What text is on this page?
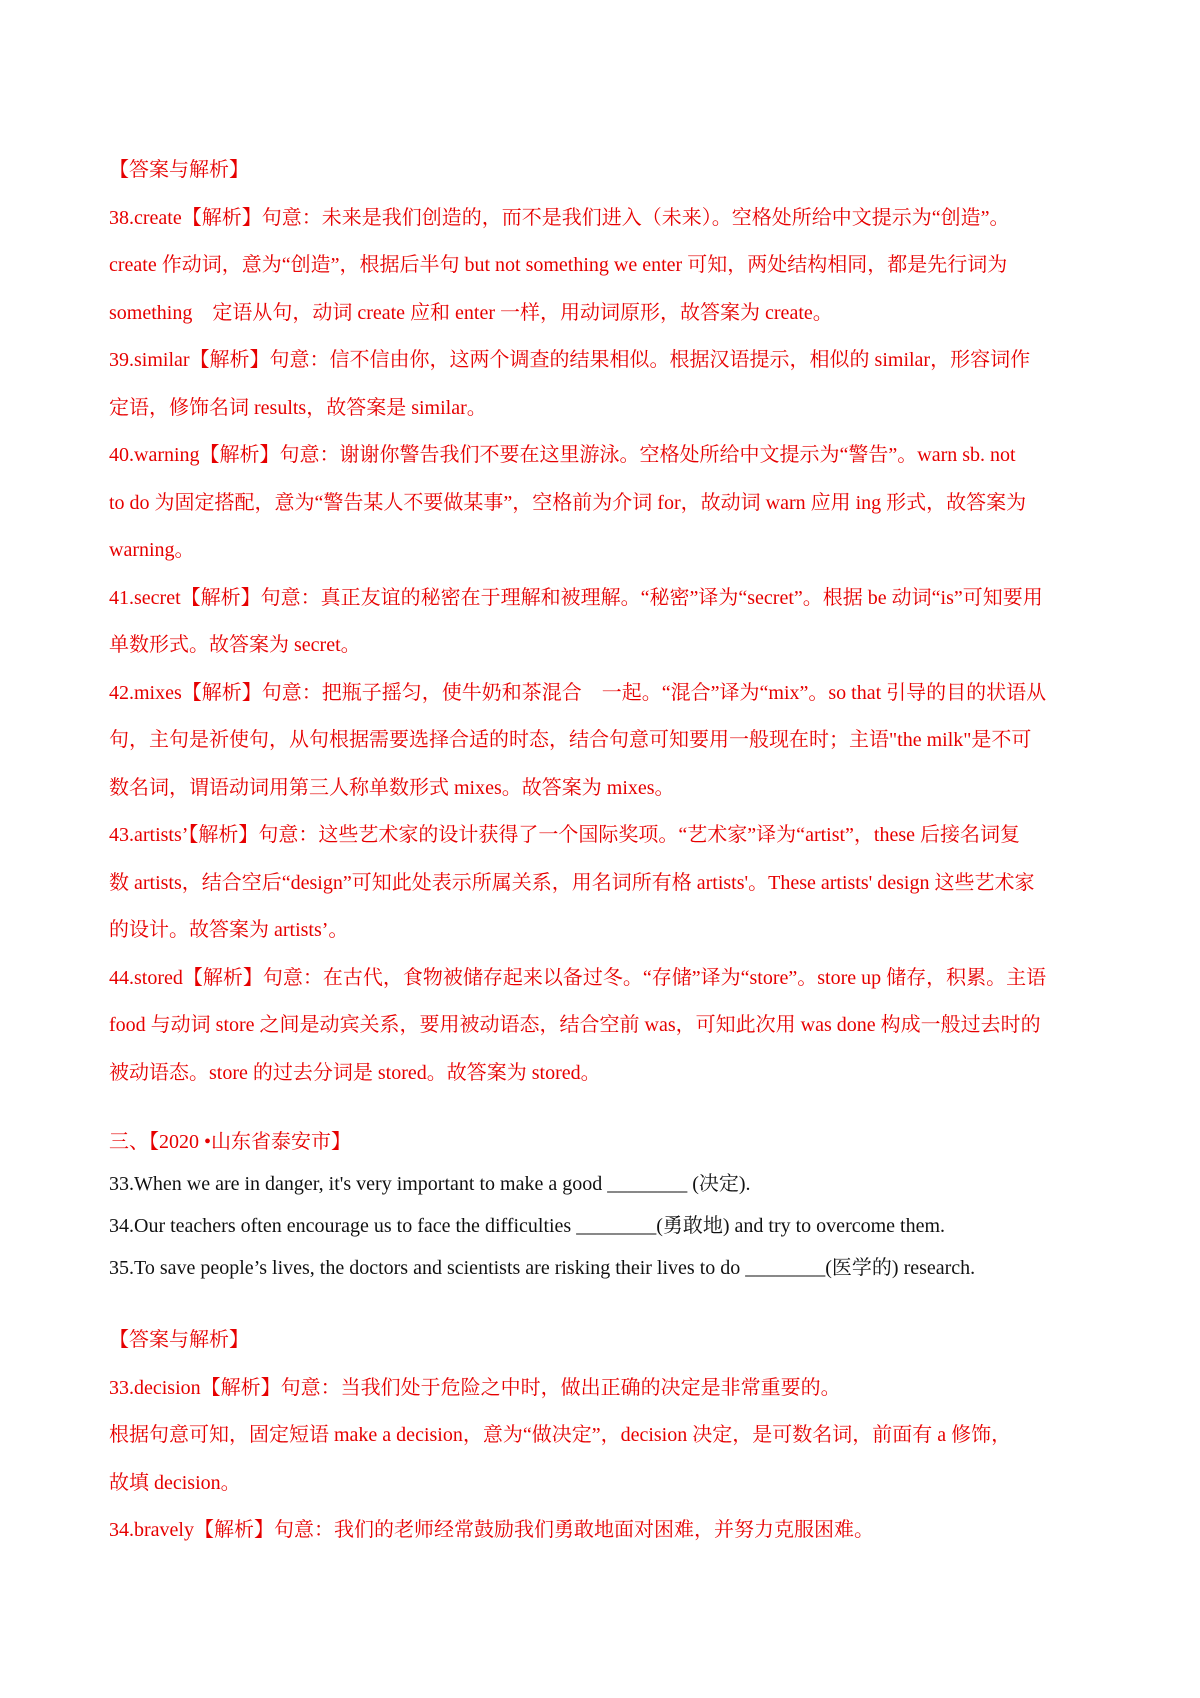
【答案与解析】

38.create【解析】句意：未来是我们创造的，而不是我们进入（未来）。空格处所给中文提示为“创造”。

create 作动词，意为“创造”，根据后半句 but not something we enter 可知，两处结构相同，都是先行词为

something　定语从句，动词 create 应和 enter 一样，用动词原形，故答案为 create。

39.similar【解析】句意：信不信由你，这两个调查的结果相似。根据汉语提示，相似的 similar，形容词作

定语，修饰名词 results，故答案是 similar。

40.warning【解析】句意：谢谢你警告我们不要在这里游泳。空格处所给中文提示为“警告”。warn sb. not

to do 为固定搭配，意为“警告某人不要做某事”，空格前为介词 for，故动词 warn 应用 ing 形式，故答案为

warning。

41.secret【解析】句意：真正友谊的秘密在于理解和被理解。“秘密”译为“secret”。根据 be 动词“is”可知要用

单数形式。故答案为 secret。

42.mixes【解析】句意：把瓶子摇匀，使牛奶和茶混合　一起。“混合”译为“mix”。so that 引导的目的状语从

句，主句是祈使句，从句根据需要选择合适的时态，结合句意可知要用一般现在时；主语"the milk"是不可

数名词，谓语动词用第三人称单数形式 mixes。故答案为 mixes。

43.artists’【解析】句意：这些艺术家的设计获得了一个国际奖项。“艺术家”译为“artist”，these 后接名词复

数 artists，结合空后“design”可知此处表示所属关系，用名词所有格 artists'。These artists' design 这些艺术家

的设计。故答案为 artists’。

44.stored【解析】句意：在古代，食物被储存起来以备过冬。“存储”译为“store”。store up 储存，积累。主语

food 与动词 store 之间是动宾关系，要用被动语态，结合空前 was，可知此次用 was done 构成一般过去时的

被动语态。store 的过去分词是 stored。故答案为 stored。

三、【2020 •山东省泰安市】

33.When we are in danger, it's very important to make a good ________ (决定).

34.Our teachers often encourage us to face the difficulties ________(勇敢地) and try to overcome them.

35.To save people’s lives, the doctors and scientists are risking their lives to do ________(医学的) research.

【答案与解析】

33.decision【解析】句意：当我们处于危险之中时，做出正确的决定是非常重要的。

根据句意可知，固定短语 make a decision，意为“做决定”，decision 决定，是可数名词，前面有 a 修饰，

故填 decision。

34.bravely【解析】句意：我们的老师经常鼓励我们勇敢地面对困难，并努力克服困难。
